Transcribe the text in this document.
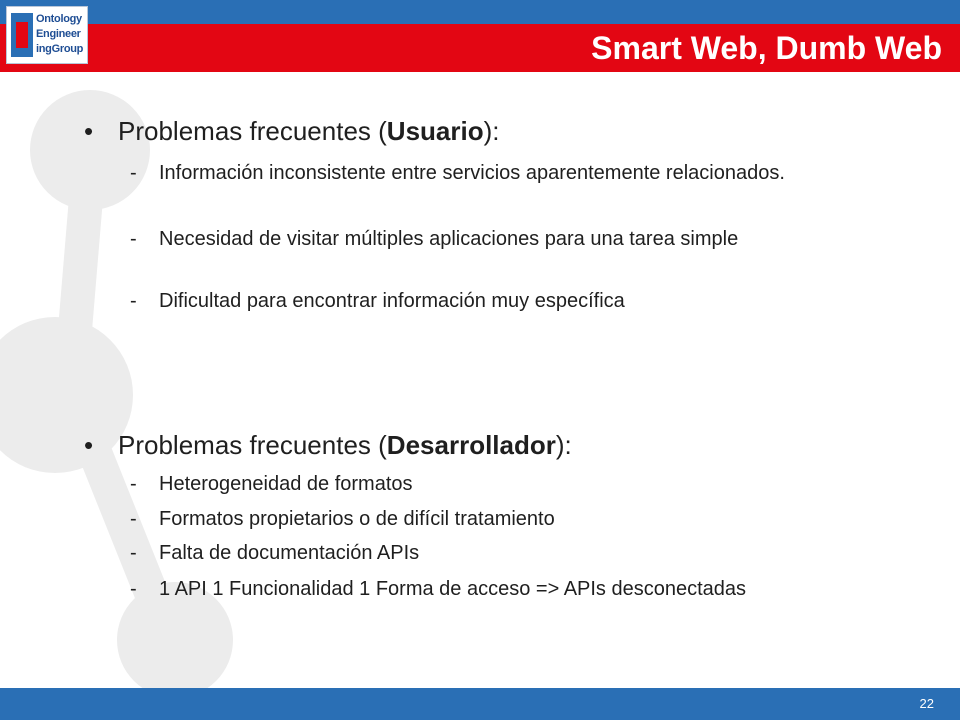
Ontology
Engineer
ingGroup	Smart Web, Dumb Web
• Problemas frecuentes (Usuario):
- Información inconsistente entre servicios aparentemente relacionados.
- Necesidad de visitar múltiples aplicaciones para una tarea simple
- Dificultad para encontrar información muy específica
• Problemas frecuentes (Desarrollador):
- Heterogeneidad de formatos
- Formatos propietarios o de difícil tratamiento
- Falta de documentación APIs
- 1 API 1 Funcionalidad 1 Forma de acceso => APIs desconectadas
22
